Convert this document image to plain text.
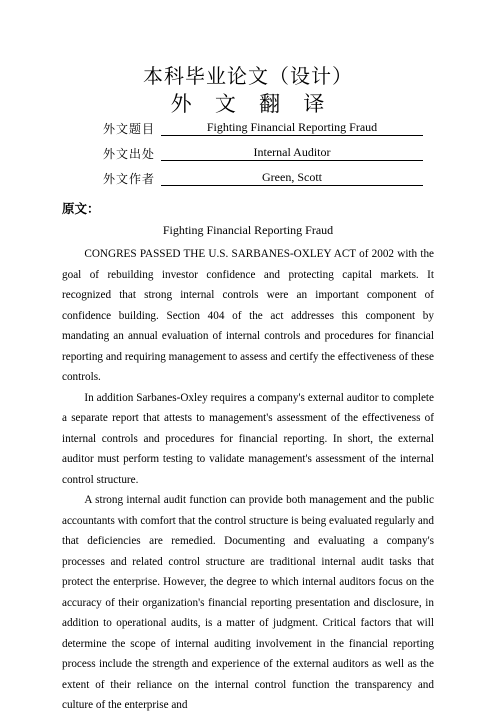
本科毕业论文（设计）
外 文 翻 译
外文题目	Fighting Financial Reporting Fraud
外文出处	Internal Auditor
外文作者	Green, Scott
原文：
Fighting Financial Reporting Fraud

CONGRES PASSED THE U.S. SARBANES-OXLEY ACT of 2002 with the goal of rebuilding investor confidence and protecting capital markets. It recognized that strong internal controls were an important component of confidence building. Section 404 of the act addresses this component by mandating an annual evaluation of internal controls and procedures for financial reporting and requiring management to assess and certify the effectiveness of these controls.

In addition Sarbanes-Oxley requires a company's external auditor to complete a separate report that attests to management's assessment of the effectiveness of internal controls and procedures for financial reporting. In short, the external auditor must perform testing to validate management's assessment of the internal control structure.

A strong internal audit function can provide both management and the public accountants with comfort that the control structure is being evaluated regularly and that deficiencies are remedied. Documenting and evaluating a company's processes and related control structure are traditional internal audit tasks that protect the enterprise. However, the degree to which internal auditors focus on the accuracy of their organization's financial reporting presentation and disclosure, in addition to operational audits, is a matter of judgment. Critical factors that will determine the scope of internal auditing involvement in the financial reporting process include the strength and experience of the external auditors as well as the extent of their reliance on the internal control function the transparency and culture of the enterprise and
